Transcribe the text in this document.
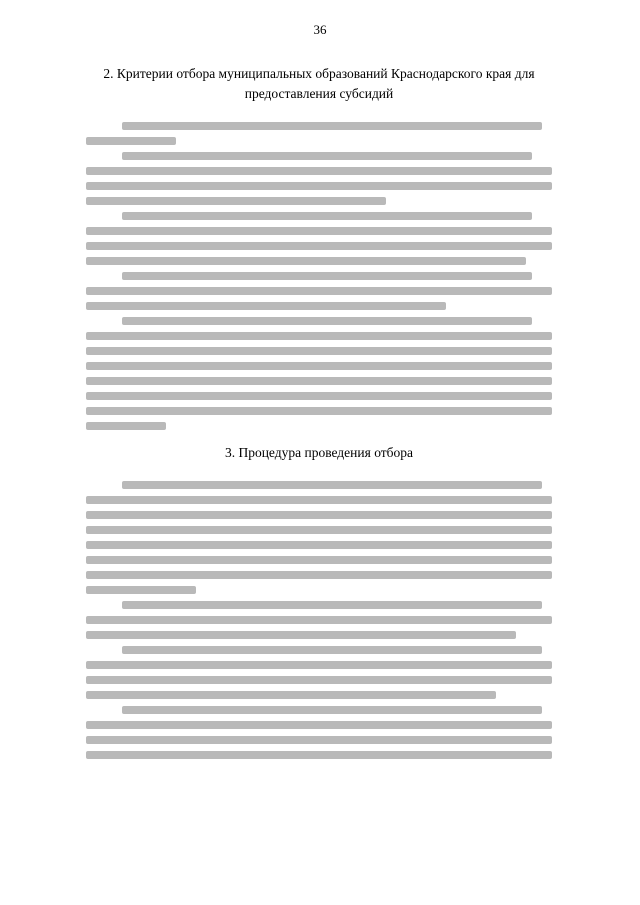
36
2. Критерии отбора муниципальных образований Краснодарского края для предоставления субсидий
3. Процедура проведения отбора
